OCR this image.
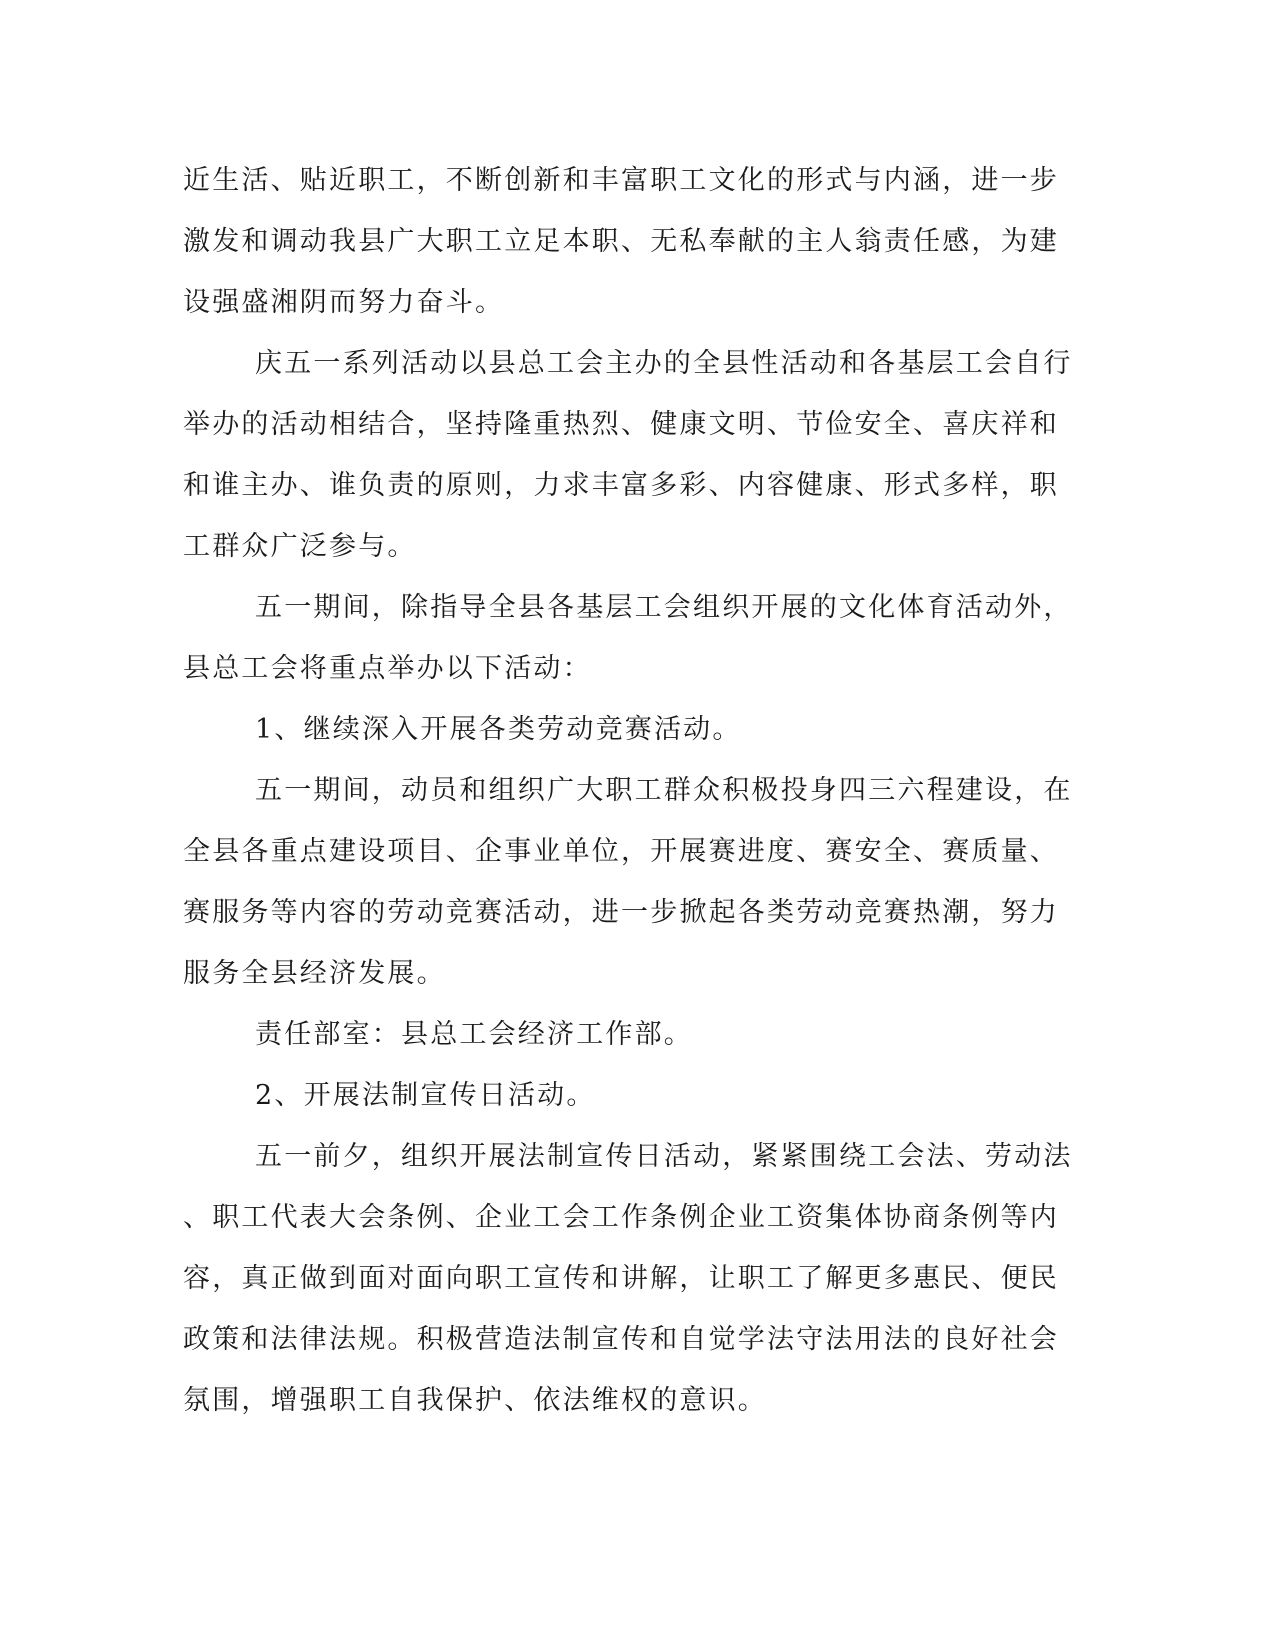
近生活、贴近职工，不断创新和丰富职工文化的形式与内涵，进一步
激发和调动我县广大职工立足本职、无私奉献的主人翁责任感，为建
设强盛湘阴而努力奋斗。
庆五一系列活动以县总工会主办的全县性活动和各基层工会自行
举办的活动相结合，坚持隆重热烈、健康文明、节俭安全、喜庆祥和
和谁主办、谁负责的原则，力求丰富多彩、内容健康、形式多样，职
工群众广泛参与。
五一期间，除指导全县各基层工会组织开展的文化体育活动外，
县总工会将重点举办以下活动：
1、继续深入开展各类劳动竞赛活动。
五一期间，动员和组织广大职工群众积极投身四三六程建设，在
全县各重点建设项目、企事业单位，开展赛进度、赛安全、赛质量、
赛服务等内容的劳动竞赛活动，进一步掀起各类劳动竞赛热潮，努力
服务全县经济发展。
责任部室：县总工会经济工作部。
2、开展法制宣传日活动。
五一前夕，组织开展法制宣传日活动，紧紧围绕工会法、劳动法
、职工代表大会条例、企业工会工作条例企业工资集体协商条例等内
容，真正做到面对面向职工宣传和讲解，让职工了解更多惠民、便民
政策和法律法规。积极营造法制宣传和自觉学法守法用法的良好社会
氛围，增强职工自我保护、依法维权的意识。
